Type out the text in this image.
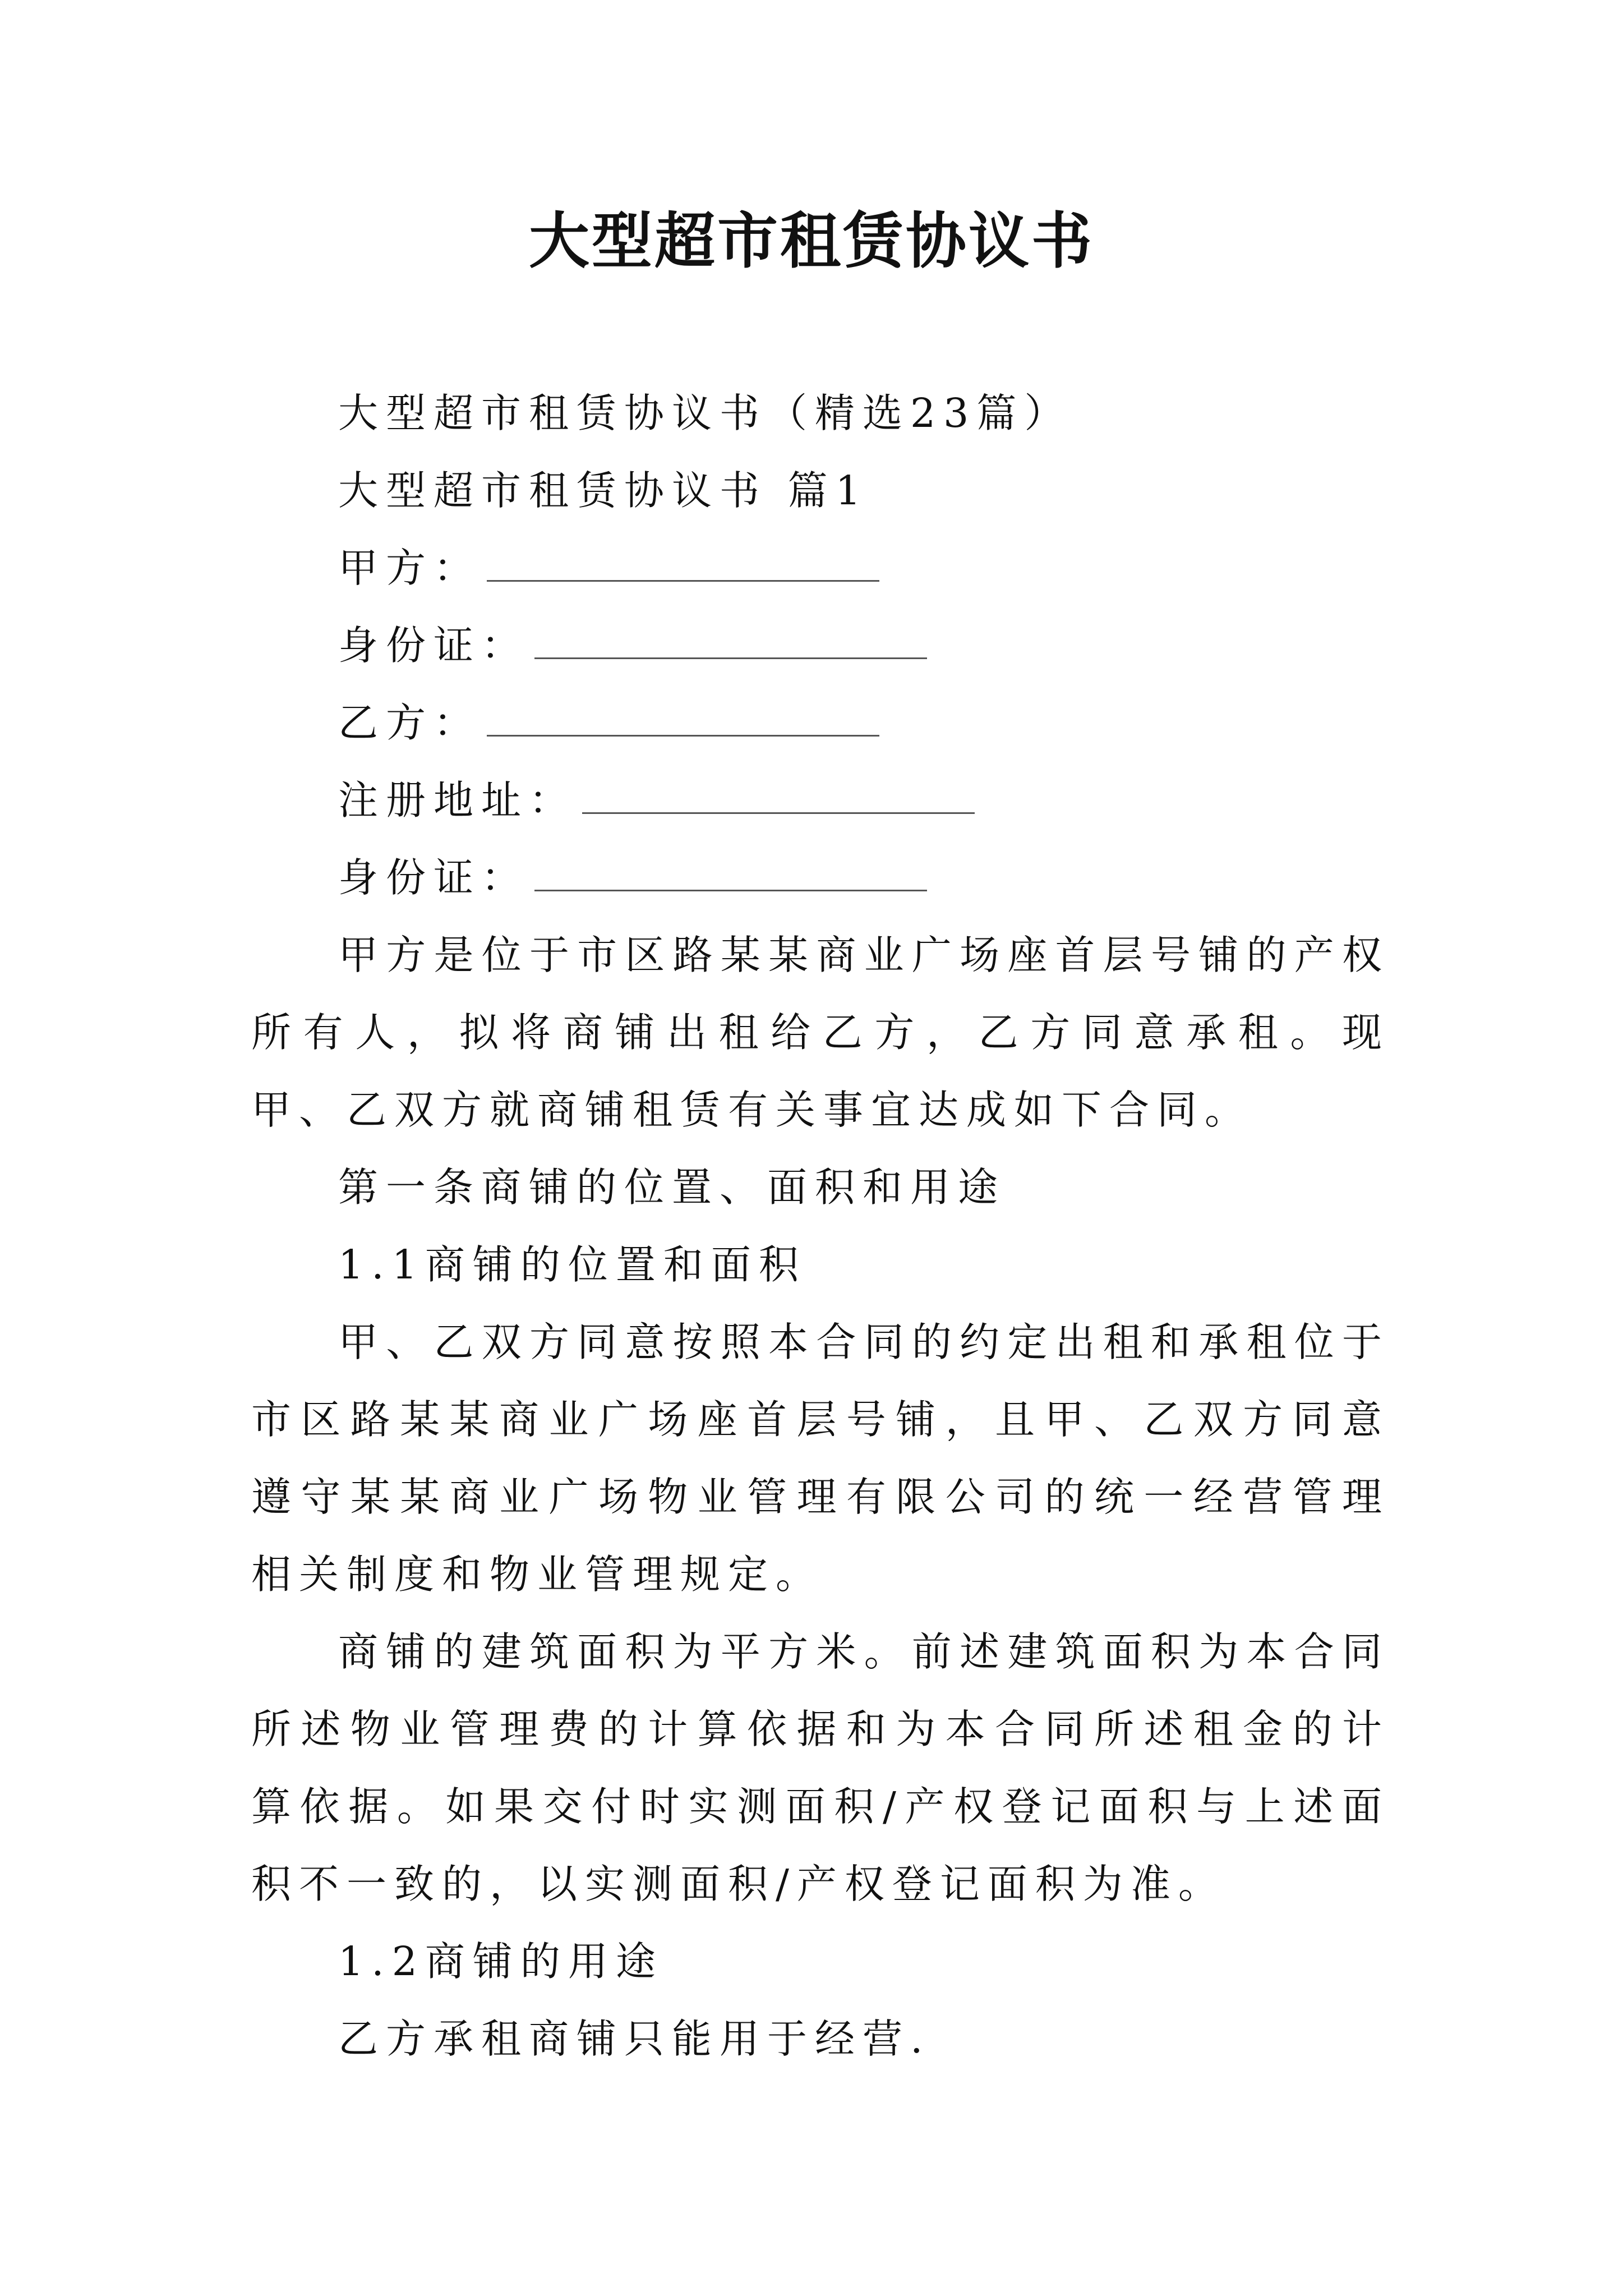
大型超市租赁协议书

大型超市租赁协议书（精选23篇）

大型超市租赁协议书 篇1

甲方：

身份证：

乙方：

注册地址：

身份证：

甲方是位于市区路某某商业广场座首层号铺的产权所有人，拟将商铺出租给乙方，乙方同意承租。现甲、乙双方就商铺租赁有关事宜达成如下合同。

第一条商铺的位置、面积和用途

1.1商铺的位置和面积

甲、乙双方同意按照本合同的约定出租和承租位于市区路某某商业广场座首层号铺，且甲、乙双方同意遵守某某商业广场物业管理有限公司的统一经营管理相关制度和物业管理规定。

商铺的建筑面积为平方米。前述建筑面积为本合同所述物业管理费的计算依据和为本合同所述租金的计算依据。如果交付时实测面积/产权登记面积与上述面积不一致的，以实测面积/产权登记面积为准。

1.2商铺的用途

乙方承租商铺只能用于经营.
